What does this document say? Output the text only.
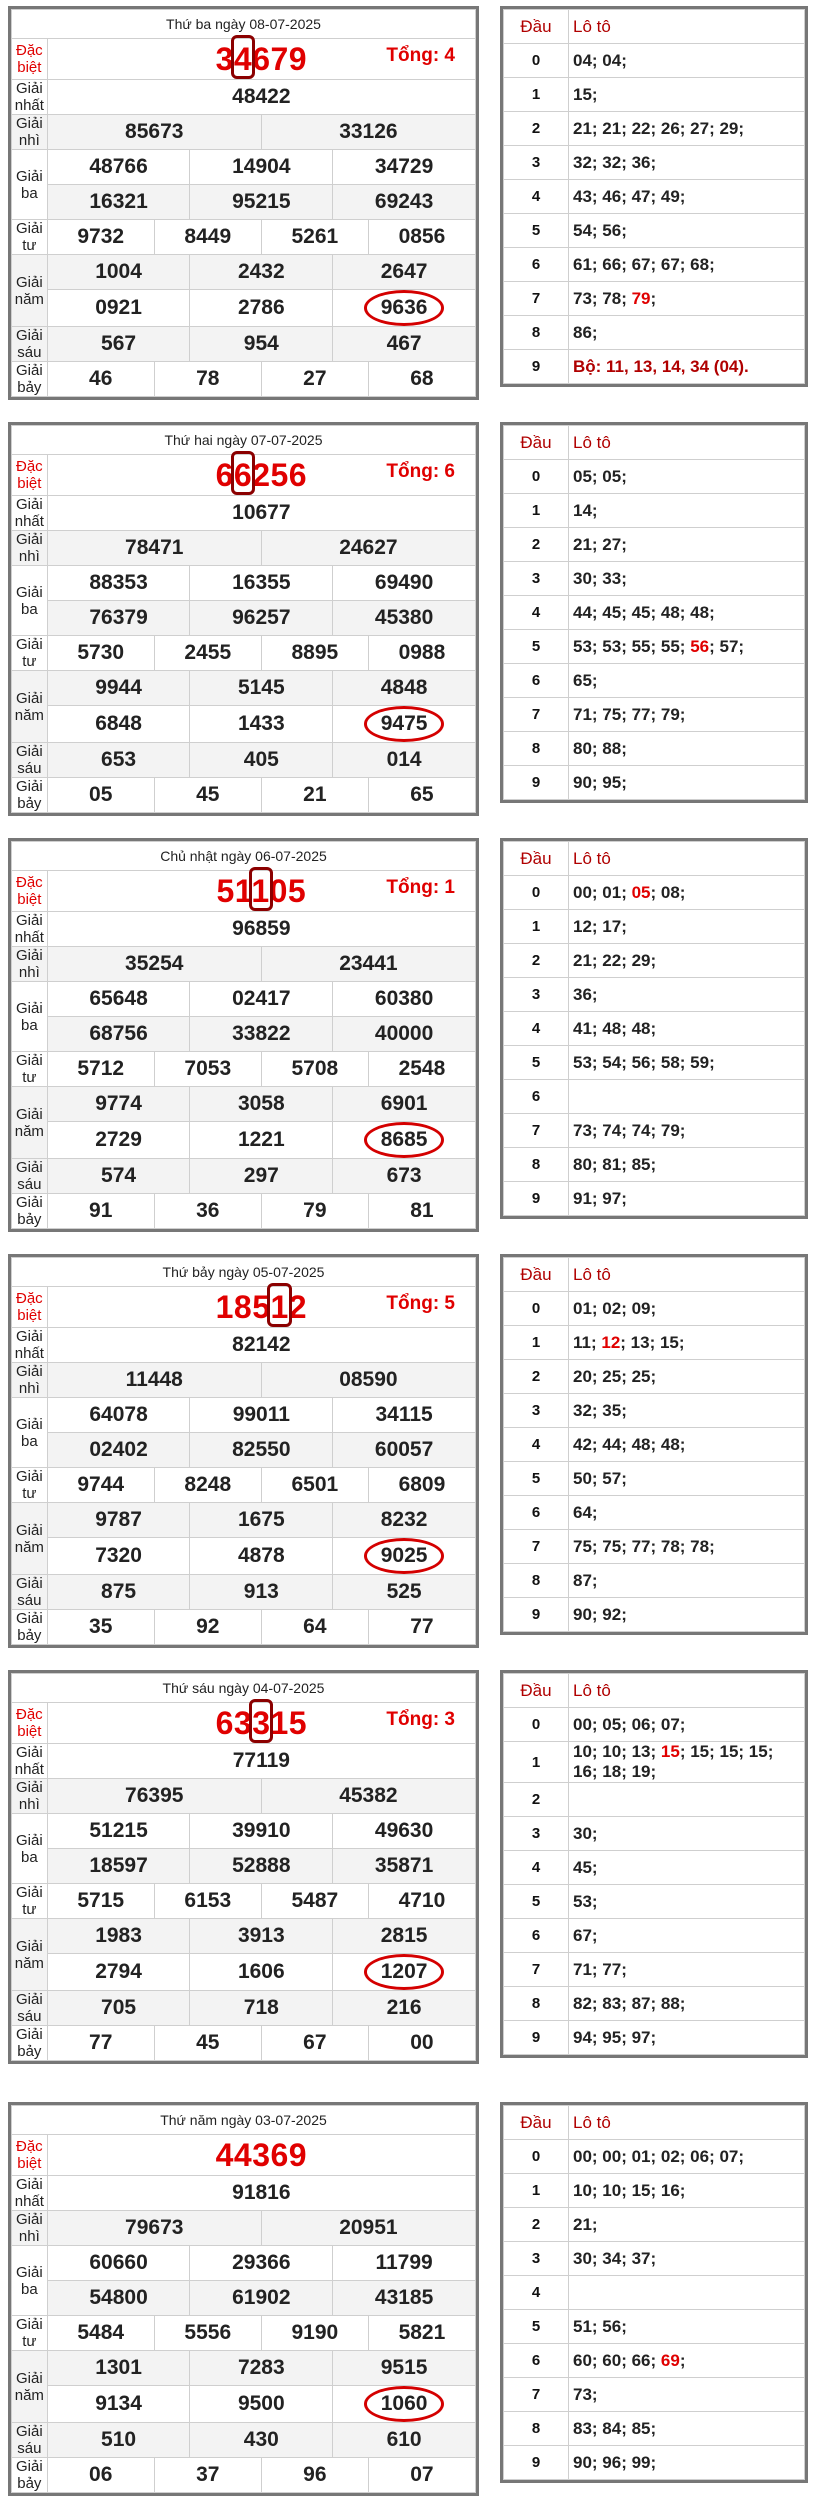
Thứ ba ngày 08-07-2025						
Đặc biệt	34679 Tổng: 4					

Giải nhất	48422					
Giải nhì	85673			33126		
Giải ba	48766		14904		34729	
	16321		95215		69243	
Giải tư	9732	8449		5261		0856
Giải năm	1004		2432		2647	
	0921		2786		9636	
Giải sáu	567		954		467	
Giải bảy	46	78		27		68
Đầu	Lô tô
0	04; 04;
1	15;
2	21; 21; 22; 26; 27; 29;
3	32; 32; 36;
4	43; 46; 47; 49;
5	54; 56;
6	61; 66; 67; 67; 68;
7	73; 78; 79;
8	86;
9	Bộ: 11, 13, 14, 34 (04).
Thứ hai ngày 07-07-2025						
Đặc biệt	66256 Tổng: 6					

Giải nhất	10677					
Giải nhì	78471			24627		
Giải ba	88353		16355		69490	
	76379		96257		45380	
Giải tư	5730	2455		8895		0988
Giải năm	9944		5145		4848	
	6848		1433		9475	
Giải sáu	653		405		014	
Giải bảy	05	45		21		65
Đầu	Lô tô
0	05; 05;
1	14;
2	21; 27;
3	30; 33;
4	44; 45; 45; 48; 48;
5	53; 53; 55; 55; 56; 57;
6	65;
7	71; 75; 77; 79;
8	80; 88;
9	90; 95;
Chủ nhật ngày 06-07-2025						
Đặc biệt	51105 Tổng: 1					

Giải nhất	96859					
Giải nhì	35254			23441		
Giải ba	65648		02417		60380	
	68756		33822		40000	
Giải tư	5712	7053		5708		2548
Giải năm	9774		3058		6901	
	2729		1221		8685	
Giải sáu	574		297		673	
Giải bảy	91	36		79		81
Đầu	Lô tô
0	00; 01; 05; 08;
1	12; 17;
2	21; 22; 29;
3	36;
4	41; 48; 48;
5	53; 54; 56; 58; 59;
6	
7	73; 74; 74; 79;
8	80; 81; 85;
9	91; 97;
Thứ bảy ngày 05-07-2025						
Đặc biệt	18512 Tổng: 5					

Giải nhất	82142					
Giải nhì	11448			08590		
Giải ba	64078		99011		34115	
	02402		82550		60057	
Giải tư	9744	8248		6501		6809
Giải năm	9787		1675		8232	
	7320		4878		9025	
Giải sáu	875		913		525	
Giải bảy	35	92		64		77
Đầu	Lô tô
0	01; 02; 09;
1	11; 12; 13; 15;
2	20; 25; 25;
3	32; 35;
4	42; 44; 48; 48;
5	50; 57;
6	64;
7	75; 75; 77; 78; 78;
8	87;
9	90; 92;
Thứ sáu ngày 04-07-2025						
Đặc biệt	63315 Tổng: 3					

Giải nhất	77119					
Giải nhì	76395			45382		
Giải ba	51215		39910		49630	
	18597		52888		35871	
Giải tư	5715	6153		5487		4710
Giải năm	1983		3913		2815	
	2794		1606		1207	
Giải sáu	705		718		216	
Giải bảy	77	45		67		00
Đầu	Lô tô
0	00; 05; 06; 07;
1	10; 10; 13; 15; 15; 15; 15; 16; 18; 19;
2	
3	30;
4	45;
5	53;
6	67;
7	71; 77;
8	82; 83; 87; 88;
9	94; 95; 97;
Thứ năm ngày 03-07-2025						
Đặc biệt	44369					

Giải nhất	91816					
Giải nhì	79673			20951		
Giải ba	60660		29366		11799	
	54800		61902		43185	
Giải tư	5484	5556		9190		5821
Giải năm	1301		7283		9515	
	9134		9500		1060	
Giải sáu	510		430		610	
Giải bảy	06	37		96		07
Đầu	Lô tô
0	00; 00; 01; 02; 06; 07;
1	10; 10; 15; 16;
2	21;
3	30; 34; 37;
4	
5	51; 56;
6	60; 60; 66; 69;
7	73;
8	83; 84; 85;
9	90; 96; 99;
